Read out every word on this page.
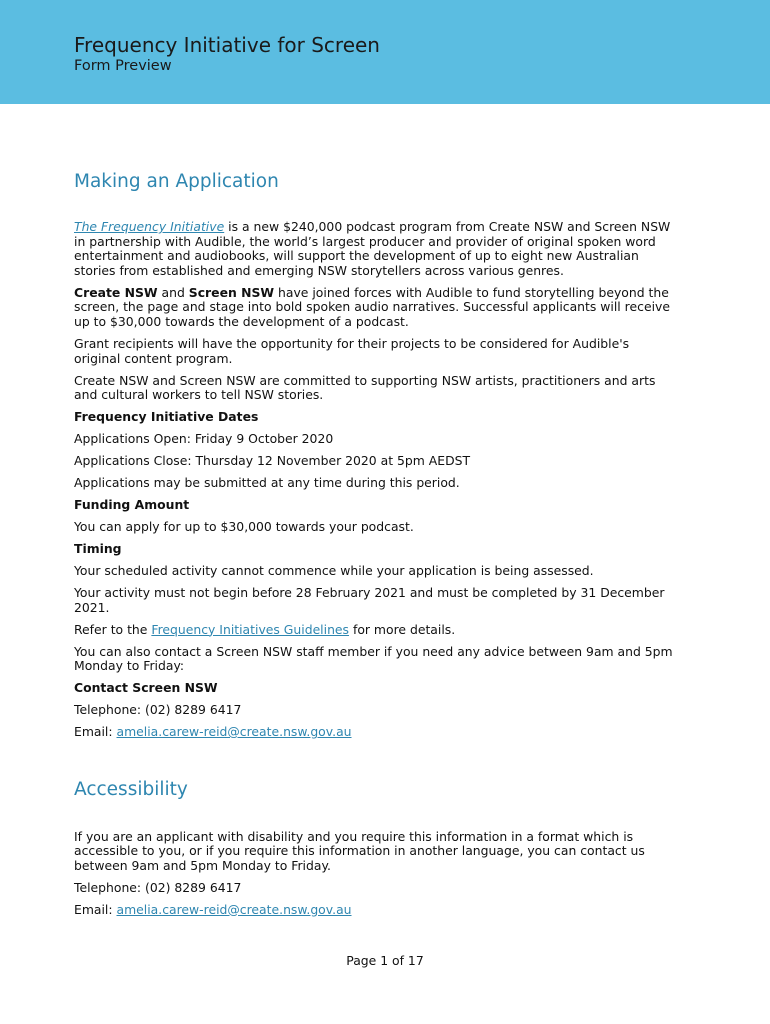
Frequency Initiative for Screen
Form Preview
Making an Application

The Frequency Initiative is a new $240,000 podcast program from Create NSW and Screen NSW in partnership with Audible, the world’s largest producer and provider of original spoken word entertainment and audiobooks, will support the development of up to eight new Australian stories from established and emerging NSW storytellers across various genres.

Create NSW and Screen NSW have joined forces with Audible to fund storytelling beyond the screen, the page and stage into bold spoken audio narratives. Successful applicants will receive up to $30,000 towards the development of a podcast.

Grant recipients will have the opportunity for their projects to be considered for Audible's original content program.

Create NSW and Screen NSW are committed to supporting NSW artists, practitioners and arts and cultural workers to tell NSW stories.

Frequency Initiative Dates

Applications Open: Friday 9 October 2020

Applications Close: Thursday 12 November 2020 at 5pm AEDST

Applications may be submitted at any time during this period.

Funding Amount

You can apply for up to $30,000 towards your podcast.

Timing

Your scheduled activity cannot commence while your application is being assessed.

Your activity must not begin before 28 February 2021 and must be completed by 31 December 2021.

Refer to the Frequency Initiatives Guidelines for more details.

You can also contact a Screen NSW staff member if you need any advice between 9am and 5pm Monday to Friday:

Contact Screen NSW

Telephone: (02) 8289 6417

Email: amelia.carew-reid@create.nsw.gov.au

Accessibility

If you are an applicant with disability and you require this information in a format which is accessible to you, or if you require this information in another language, you can contact us between 9am and 5pm Monday to Friday.

Telephone: (02) 8289 6417

Email: amelia.carew-reid@create.nsw.gov.au

Page 1 of 17
